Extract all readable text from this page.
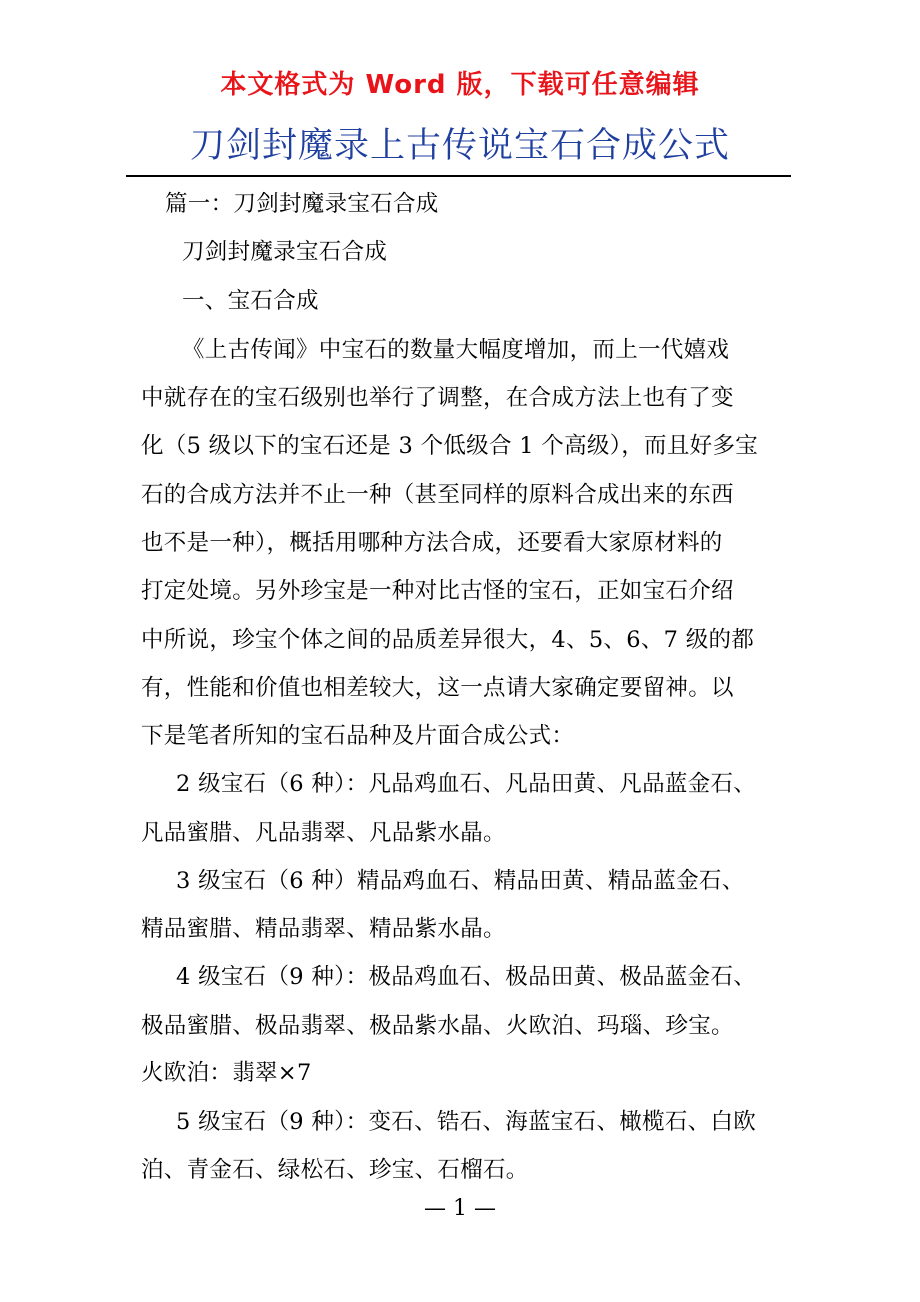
本文格式为 Word 版，下载可任意编辑
刀剑封魔录上古传说宝石合成公式
篇一：刀剑封魔录宝石合成
刀剑封魔录宝石合成
一、宝石合成
《上古传闻》中宝石的数量大幅度增加，而上一代嬉戏
中就存在的宝石级别也举行了调整，在合成方法上也有了变
化（5 级以下的宝石还是 3 个低级合 1 个高级），而且好多宝
石的合成方法并不止一种（甚至同样的原料合成出来的东西
也不是一种），概括用哪种方法合成，还要看大家原材料的
打定处境。另外珍宝是一种对比古怪的宝石，正如宝石介绍
中所说，珍宝个体之间的品质差异很大，4、5、6、7 级的都
有，性能和价值也相差较大，这一点请大家确定要留神。以
下是笔者所知的宝石品种及片面合成公式：
2 级宝石（6 种）：凡品鸡血石、凡品田黄、凡品蓝金石、
凡品蜜腊、凡品翡翠、凡品紫水晶。
3 级宝石（6 种）精品鸡血石、精品田黄、精品蓝金石、
精品蜜腊、精品翡翠、精品紫水晶。
4 级宝石（9 种）：极品鸡血石、极品田黄、极品蓝金石、
极品蜜腊、极品翡翠、极品紫水晶、火欧泊、玛瑙、珍宝。
火欧泊：翡翠×7
5 级宝石（9 种）：变石、锆石、海蓝宝石、橄榄石、白欧
泊、青金石、绿松石、珍宝、石榴石。
— 1 —
